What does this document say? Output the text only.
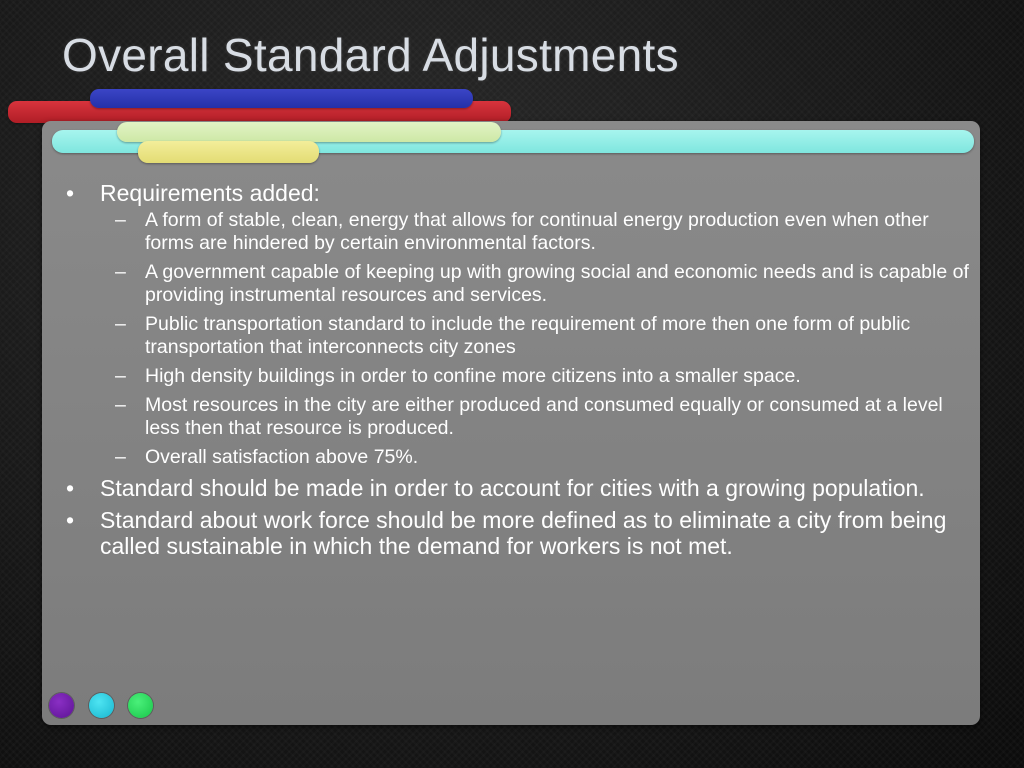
Overall Standard Adjustments
• Requirements added:
– A form of stable, clean, energy that allows for continual energy production even when other forms are hindered by certain environmental factors.
– A government capable of keeping up with growing social and economic needs and is capable of providing instrumental resources and services.
– Public transportation standard to include the requirement of more then one form of public transportation that interconnects city zones
– High density buildings in order to confine more citizens into a smaller space.
– Most resources in the city are either produced and consumed equally or consumed at a level less then that resource is produced.
– Overall satisfaction above 75%.
• Standard should be made in order to account for cities with a growing population.
• Standard about work force should be more defined as to eliminate a city from being called sustainable in which the demand for workers is not met.
